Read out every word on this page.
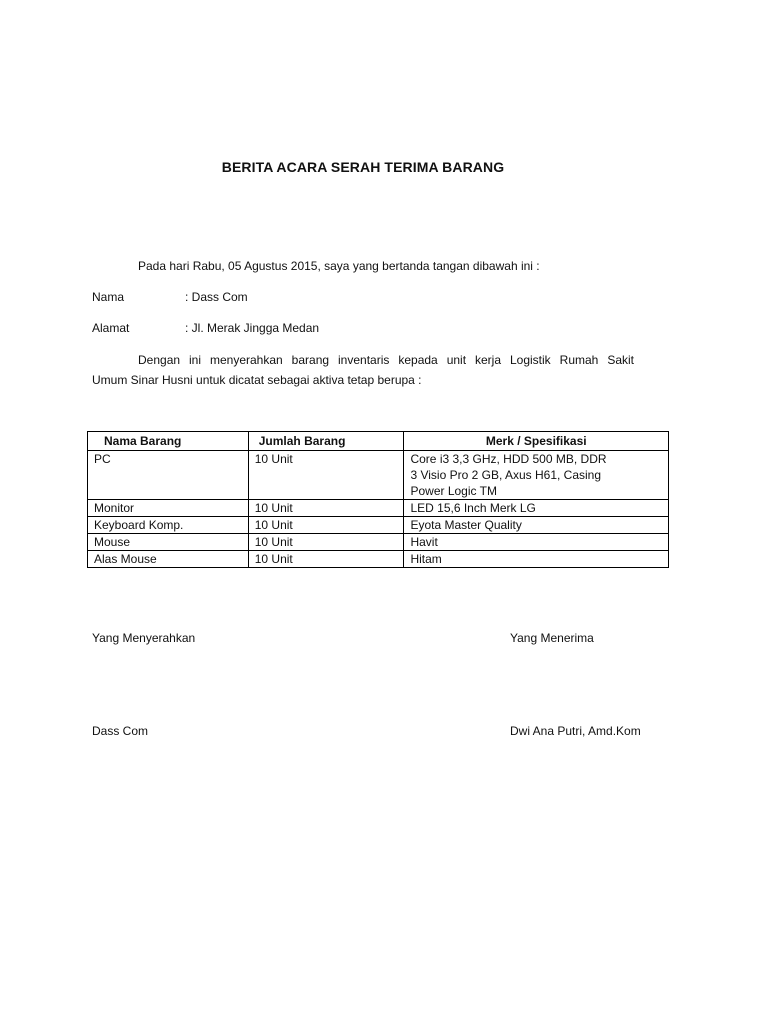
BERITA ACARA SERAH TERIMA BARANG
Pada hari Rabu, 05 Agustus 2015, saya yang bertanda tangan dibawah ini :
Nama	: Dass Com
Alamat	: Jl. Merak Jingga Medan
Dengan ini menyerahkan barang inventaris kepada unit kerja Logistik Rumah Sakit
Umum Sinar Husni untuk dicatat sebagai aktiva tetap berupa :
Nama Barang	Jumlah Barang	Merk / Spesifikasi
PC	10 Unit	Core i3 3,3 GHz, HDD 500 MB, DDR
3 Visio Pro 2 GB, Axus H61, Casing
Power Logic TM

Monitor	10 Unit	LED 15,6 Inch Merk LG
Keyboard Komp.	10 Unit	Eyota Master Quality
Mouse	10 Unit	Havit
Alas Mouse	10 Unit	Hitam
Yang Menyerahkan	Yang Menerima
Dass Com	Dwi Ana Putri, Amd.Kom
